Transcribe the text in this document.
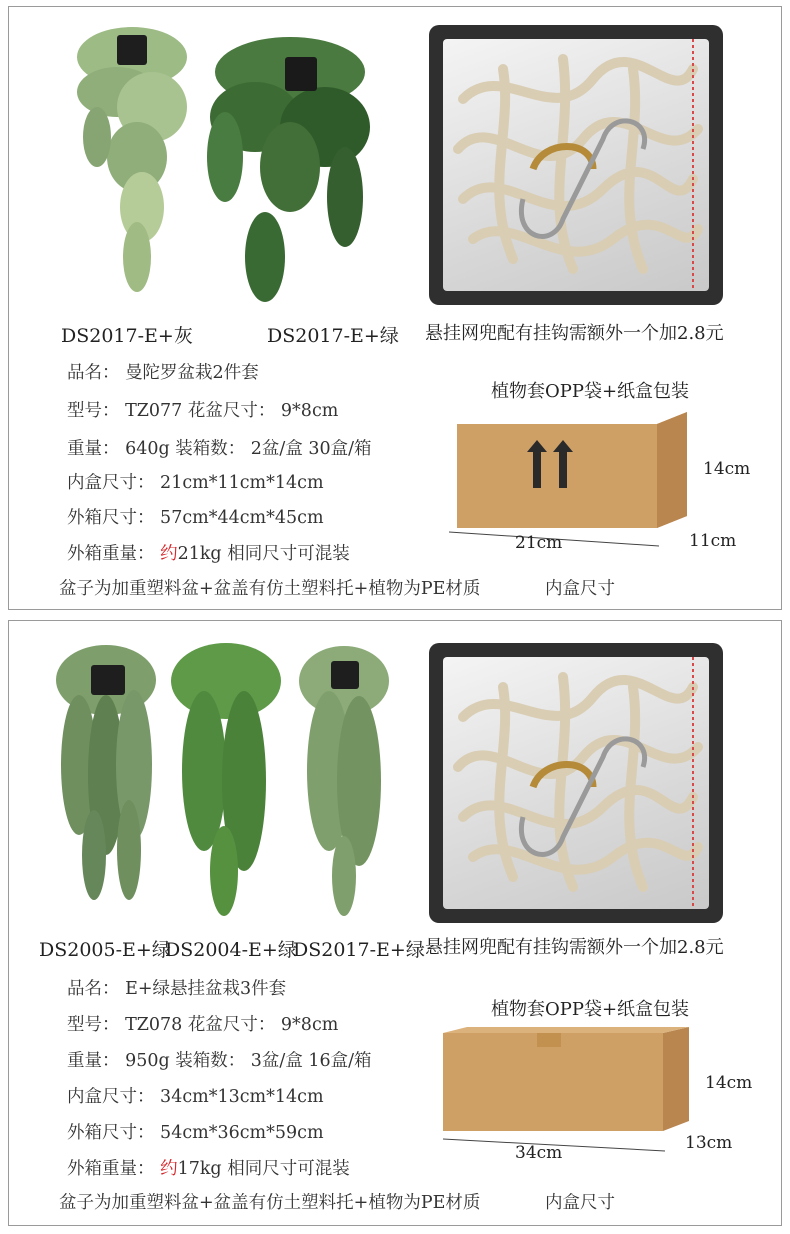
DS2017-E+灰	DS2017-E+绿 悬挂网兜配有挂钩需额外一个加2.8元
品名： 曼陀罗盆栽2件套
型号： TZ077 花盆尺寸： 9*8cm
重量： 640g 装箱数： 2盆/盒 30盒/箱
内盒尺寸： 21cm*11cm*14cm
外箱尺寸： 57cm*44cm*45cm
外箱重量： 约21kg 相同尺寸可混装
盆子为加重塑料盆+盆盖有仿土塑料托+植物为PE材质	内盒尺寸
植物套OPP袋+纸盒包装
21cm	11cm
14cm
DS2005-E+绿
DS2004-E+绿
DS2017-E+绿 悬挂网兜配有挂钩需额外一个加2.8元
品名： E+绿悬挂盆栽3件套
型号： TZ078 花盆尺寸： 9*8cm
重量： 950g 装箱数： 3盆/盒 16盒/箱
内盒尺寸： 34cm*13cm*14cm
外箱尺寸： 54cm*36cm*59cm
外箱重量： 约17kg 相同尺寸可混装
盆子为加重塑料盆+盆盖有仿土塑料托+植物为PE材质	内盒尺寸
植物套OPP袋+纸盒包装
34cm	13cm
14cm
